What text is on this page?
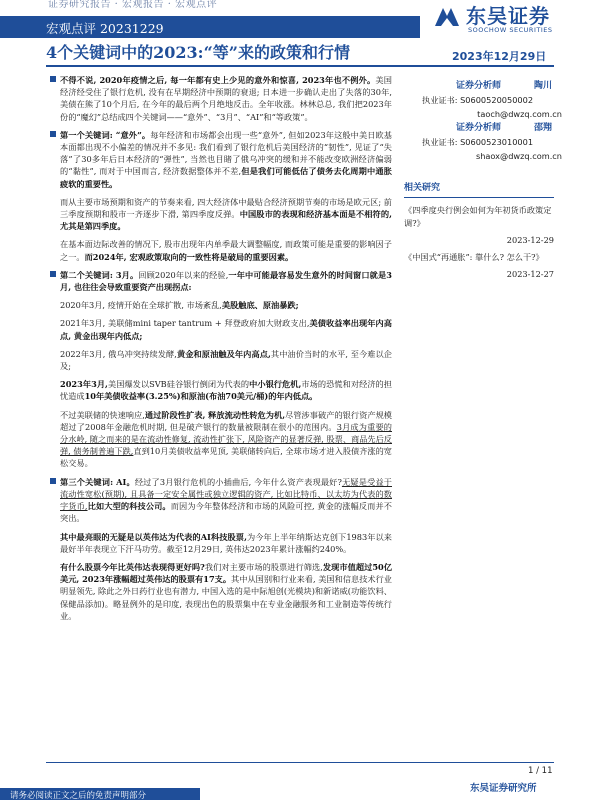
证券研究报告 · 宏观报告 · 宏观点评
宏观点评 20231229
东吴证券
SOOCHOW SECURITIES
4个关键词中的2023:“等”来的政策和行情	2023年12月29日

不得不说, 2020年疫情之后, 每一年都有史上少见的意外和惊喜, 2023年也不例外。美国经济经受住了银行危机, 没有在早期经济中预期的衰退; 日本进一步确认走出了失落的30年, 美债在熊了10个月后, 在今年的最后两个月绝地反击。全年收涨。林林总总, 我们把2023年份的“魔幻”总结成四个关键词——“意外”、“3月”、“AI”和“等政策”。

第一个关键词: “意外”。每年经济和市场都会出现一些“意外”, 但如2023年这般中美日欧基本面都出现不小偏差的情况并不多见: 我们看到了银行危机后美国经济的“韧性”, 见证了“失落”了30多年后日本经济的“弹性”, 当然也目睹了俄乌冲突的缓和并不能改变欧洲经济偏弱的“黏性”, 而对于中国而言, 经济数据整体并不差,但是我们可能低估了债务去化周期中通胀疲软的重要性。

而从主要市场预期和资产的节奏来看, 四大经济体中最贴合经济预期节奏的市场是欧元区; 前三季度预期和股市一齐逐步下滑, 第四季度反弹。中国股市的表现和经济基本面是不相符的, 尤其是第四季度。

在基本面边际改善的情况下, 股市出现年内单季最大调整幅度, 而政策可能是重要的影响因子之一。而2024年, 宏观政策取向的一致性将是破局的重要因素。

第二个关键词: 3月。回顾2020年以来的经验,一年中可能最容易发生意外的时间窗口就是3月, 也往往会导致重要资产出现拐点:

2020年3月, 疫情开始在全球扩散, 市场紊乱,美股触底、原油暴跌;

2021年3月, 美联储mini taper tantrum + 拜登政府加大财政支出,美债收益率出现年内高点, 黄金出现年内低点;

2022年3月, 俄乌冲突持续发酵,黄金和原油触及年内高点,其中油价当时的水平, 至今难以企及;

2023年3月,美国爆发以SVB硅谷银行倒闭为代表的中小银行危机,市场的恐慌和对经济的担忧造成10年美债收益率(3.25%)和原油(布油70美元/桶)的年内低点。

不过美联储的快速响应,通过阶段性扩表, 释放流动性转危为机,尽管涉事破产的银行资产规模超过了2008年金融危机时期, 但是破产银行的数量被限制在很小的范围内。3月成为重要的分水岭, 随之而来的是在流动性修复, 流动性扩张下, 风险资产的显著反弹, 股票、商品先后反弹, 债务制普遍下跌,直到10月美债收益率见顶, 美联储转向后, 全球市场才进入股债齐涨的宽松交易。

第三个关键词: AI。经过了3月银行危机的小插曲后, 今年什么资产表现最好?无疑是受益于流动性宽松(预期), 且具备一定安全属性或独立逻辑的资产, 比如比特币、以太坊为代表的数字货币,比如大型的科技公司。而因为今年整体经济和市场的风险可控, 黄金的涨幅反而并不突出。

其中最亮眼的无疑是以英伟达为代表的AI科技股票,为今年上半年纳斯达克创下1983年以来最好半年表现立下汗马功劳。截至12月29日, 英伟达2023年累计涨幅约240%。

有什么股票今年比英伟达表现得更好吗?我们对主要市场的股票进行筛选,发现市值超过50亿美元, 2023年涨幅超过英伟达的股票有17支。其中从国别和行业来看, 美国和信息技术行业明显领先, 除此之外日药行业也有潜力, 中国入选的是中际旭创(光模块)和新诺威(功能饮料、保健品添加)。略显例外的是印度, 表现出色的股票集中在专业金融服务和工业制造等传统行业。

证券分析师	陶川
执业证书: S0600520050002
taoch@dwzq.com.cn
证券分析师	邵翔
执业证书: S0600523010001
shaox@dwzq.com.cn
相关研究
《四季度央行例会如何为年初货币政策定调?》
2023-12-29
《中国式“再通胀”: 靠什么? 怎么干?》
2023-12-27
1 / 11
东吴证券研究所
请务必阅读正文之后的免责声明部分
